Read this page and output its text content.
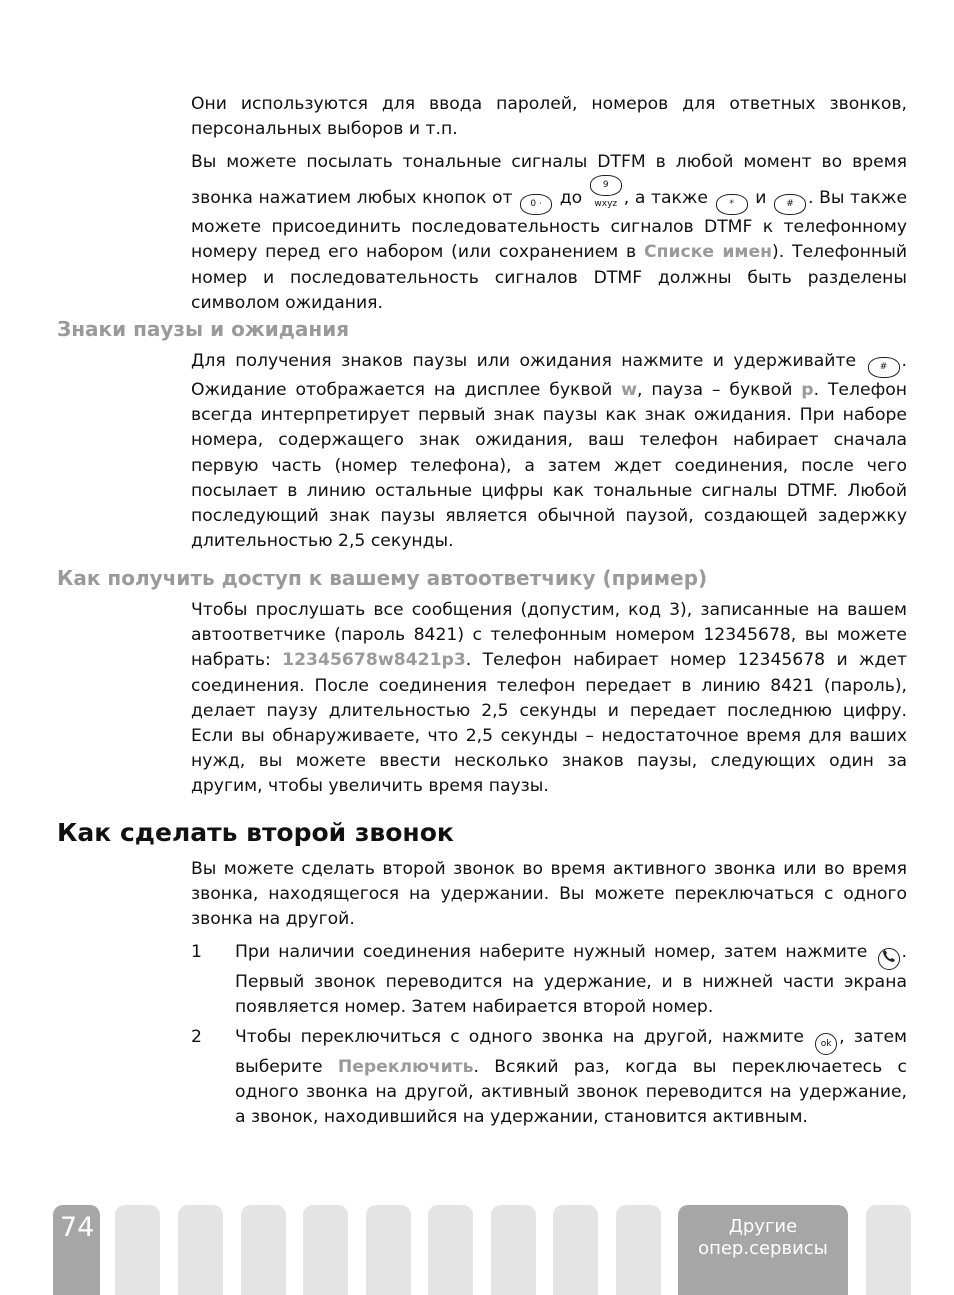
Они используются для ввода паролей, номеров для ответных звонков, персональных выборов и т.п.

Вы можете посылать тональные сигналы DTFM в любой момент во время звонка нажатием любых кнопок от 0 · до 9 wxyz , а также * и # . Вы также можете присоединить последовательность сигналов DTMF к телефонному номеру перед его набором (или сохранением в Списке имен). Телефонный номер и последовательность сигналов DTMF должны быть разделены символом ожидания.

Знаки паузы и ожидания

Для получения знаков паузы или ожидания нажмите и удерживайте	# . Ожидание отображается на дисплее буквой w, пауза – буквой p. Телефон всегда интерпретирует первый знак паузы как знак ожидания. При наборе номера, содержащего знак ожидания, ваш телефон набирает сначала первую часть (номер телефона), а затем ждет соединения, после чего посылает в линию остальные цифры как тональные сигналы DTMF. Любой последующий знак паузы является обычной паузой, создающей задержку длительностью 2,5 секунды.

Как получить доступ к вашему автоответчику (пример)

Чтобы прослушать все сообщения (допустим, код 3), записанные на вашем автоответчике (пароль 8421) с телефонным номером 12345678, вы можете набрать: 12345678w8421p3. Телефон набирает номер 12345678 и ждет соединения. После соединения телефон передает в линию 8421 (пароль), делает паузу длительностью 2,5 секунды и передает последнюю цифру. Если вы обнаруживаете, что 2,5 секунды – недостаточное время для ваших нужд, вы можете ввести несколько знаков паузы, следующих один за другим, чтобы увеличить время паузы.

Как сделать второй звонок

Вы можете сделать второй звонок во время активного звонка или во время звонка, находящегося на удержании. Вы можете переключаться с одного звонка на другой.

1 При наличии соединения наберите нужный номер, затем нажмите . Первый звонок переводится на удержание, и в нижней части экрана появляется номер. Затем набирается второй номер.

2 Чтобы переключиться с одного звонка на другой, нажмите ok , затем выберите Переключить. Всякий раз, когда вы переключаетесь с одного звонка на другой, активный звонок переводится на удержание, а звонок, находившийся на удержании, становится активным.

74	Другие
опер.сервисы
